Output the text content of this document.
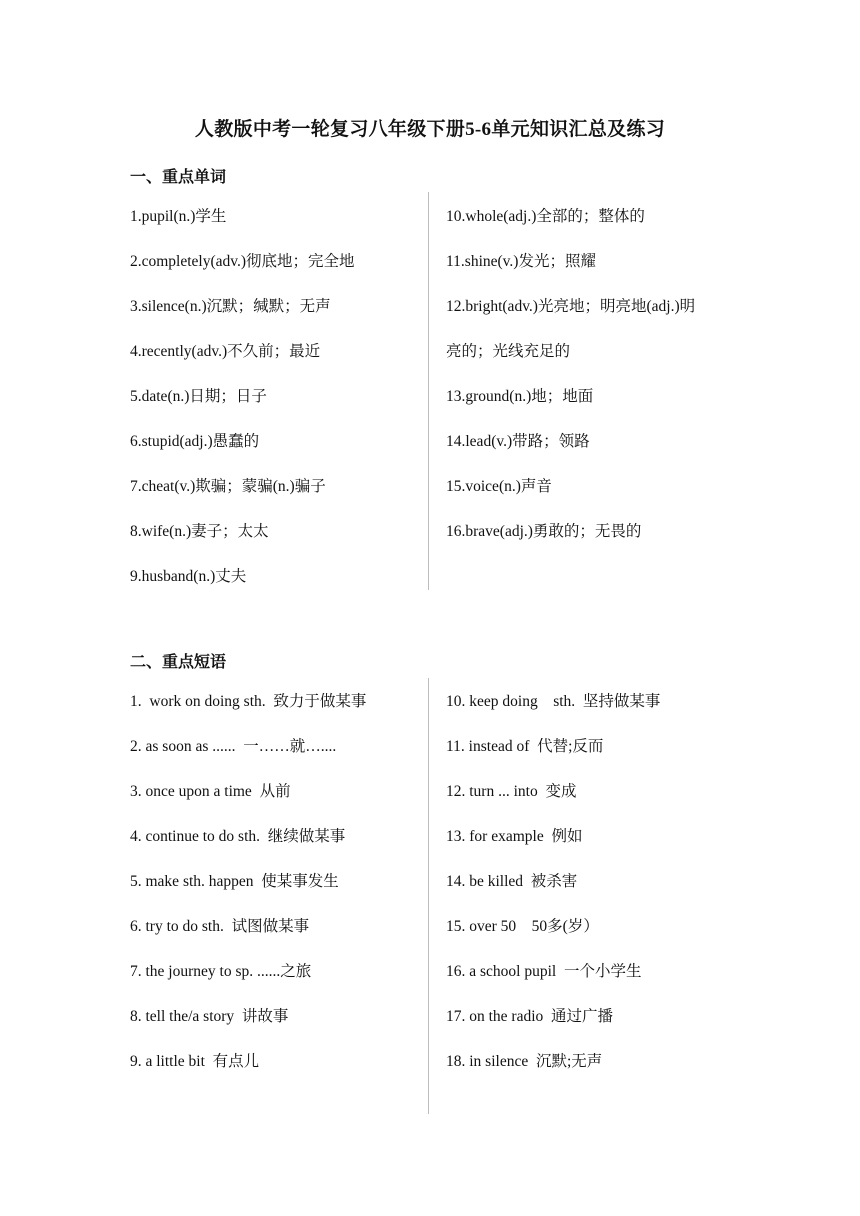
人教版中考一轮复习八年级下册5-6单元知识汇总及练习
一、重点单词
1.pupil(n.)学生
2.completely(adv.)彻底地；完全地
3.silence(n.)沉默；缄默；无声
4.recently(adv.)不久前；最近
5.date(n.)日期；日子
6.stupid(adj.)愚蠢的
7.cheat(v.)欺骗；蒙骗(n.)骗子
8.wife(n.)妻子；太太
9.husband(n.)丈夫
10.whole(adj.)全部的；整体的
11.shine(v.)发光；照耀
12.bright(adv.)光亮地；明亮地(adj.)明
亮的；光线充足的
13.ground(n.)地；地面
14.lead(v.)带路；领路
15.voice(n.)声音
16.brave(adj.)勇敢的；无畏的
二、重点短语
1.  work on doing sth.  致力于做某事
2. as soon as ......  一……就…....
3. once upon a time  从前
4. continue to do sth.  继续做某事
5. make sth. happen  使某事发生
6. try to do sth.  试图做某事
7. the journey to sp. ......之旅
8. tell the/a story  讲故事
9. a little bit  有点儿
10. keep doing    sth.  坚持做某事
11. instead of  代替;反而
12. turn ... into  变成
13. for example  例如
14. be killed  被杀害
15. over 50    50多(岁）
16. a school pupil  一个小学生
17. on the radio  通过广播
18. in silence  沉默;无声
